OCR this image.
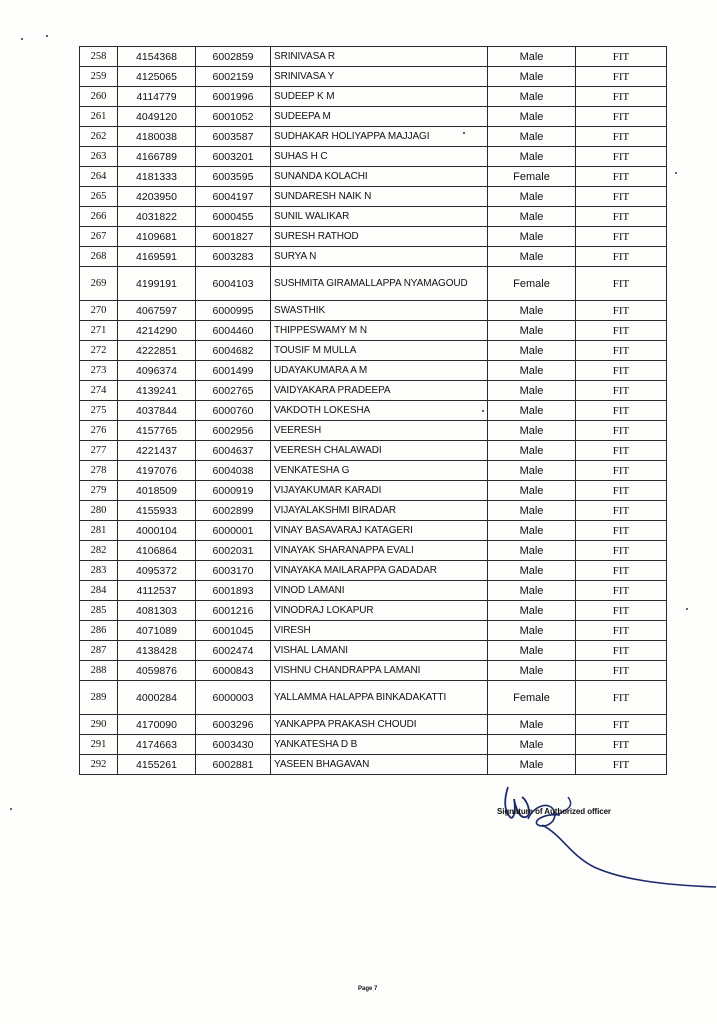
258	4154368	6002859	SRINIVASA R	Male	FIT
259	4125065	6002159	SRINIVASA Y	Male	FIT
260	4114779	6001996	SUDEEP K M	Male	FIT
261	4049120	6001052	SUDEEPA M	Male	FIT
262	4180038	6003587	SUDHAKAR HOLIYAPPA MAJJAGI	Male	FIT
263	4166789	6003201	SUHAS H C	Male	FIT
264	4181333	6003595	SUNANDA KOLACHI	Female	FIT
265	4203950	6004197	SUNDARESH NAIK N	Male	FIT
266	4031822	6000455	SUNIL WALIKAR	Male	FIT
267	4109681	6001827	SURESH RATHOD	Male	FIT
268	4169591	6003283	SURYA N	Male	FIT
269	4199191	6004103	SUSHMITA GIRAMALLAPPA NYAMAGOUD	Female	FIT
270	4067597	6000995	SWASTHIK	Male	FIT
271	4214290	6004460	THIPPESWAMY M N	Male	FIT
272	4222851	6004682	TOUSIF M MULLA	Male	FIT
273	4096374	6001499	UDAYAKUMARA A M	Male	FIT
274	4139241	6002765	VAIDYAKARA PRADEEPA	Male	FIT
275	4037844	6000760	VAKDOTH LOKESHA	Male	FIT
276	4157765	6002956	VEERESH	Male	FIT
277	4221437	6004637	VEERESH CHALAWADI	Male	FIT
278	4197076	6004038	VENKATESHA G	Male	FIT
279	4018509	6000919	VIJAYAKUMAR KARADI	Male	FIT
280	4155933	6002899	VIJAYALAKSHMI BIRADAR	Male	FIT
281	4000104	6000001	VINAY BASAVARAJ KATAGERI	Male	FIT
282	4106864	6002031	VINAYAK SHARANAPPA EVALI	Male	FIT
283	4095372	6003170	VINAYAKA MAILARAPPA GADADAR	Male	FIT
284	4112537	6001893	VINOD LAMANI	Male	FIT
285	4081303	6001216	VINODRAJ LOKAPUR	Male	FIT
286	4071089	6001045	VIRESH	Male	FIT
287	4138428	6002474	VISHAL LAMANI	Male	FIT
288	4059876	6000843	VISHNU CHANDRAPPA LAMANI	Male	FIT
289	4000284	6000003	YALLAMMA HALAPPA BINKADAKATTI	Female	FIT
290	4170090	6003296	YANKAPPA PRAKASH CHOUDI	Male	FIT
291	4174663	6003430	YANKATESHA D B	Male	FIT
292	4155261	6002881	YASEEN BHAGAVAN	Male	FIT
Signature of Authorized officer
Page 7
